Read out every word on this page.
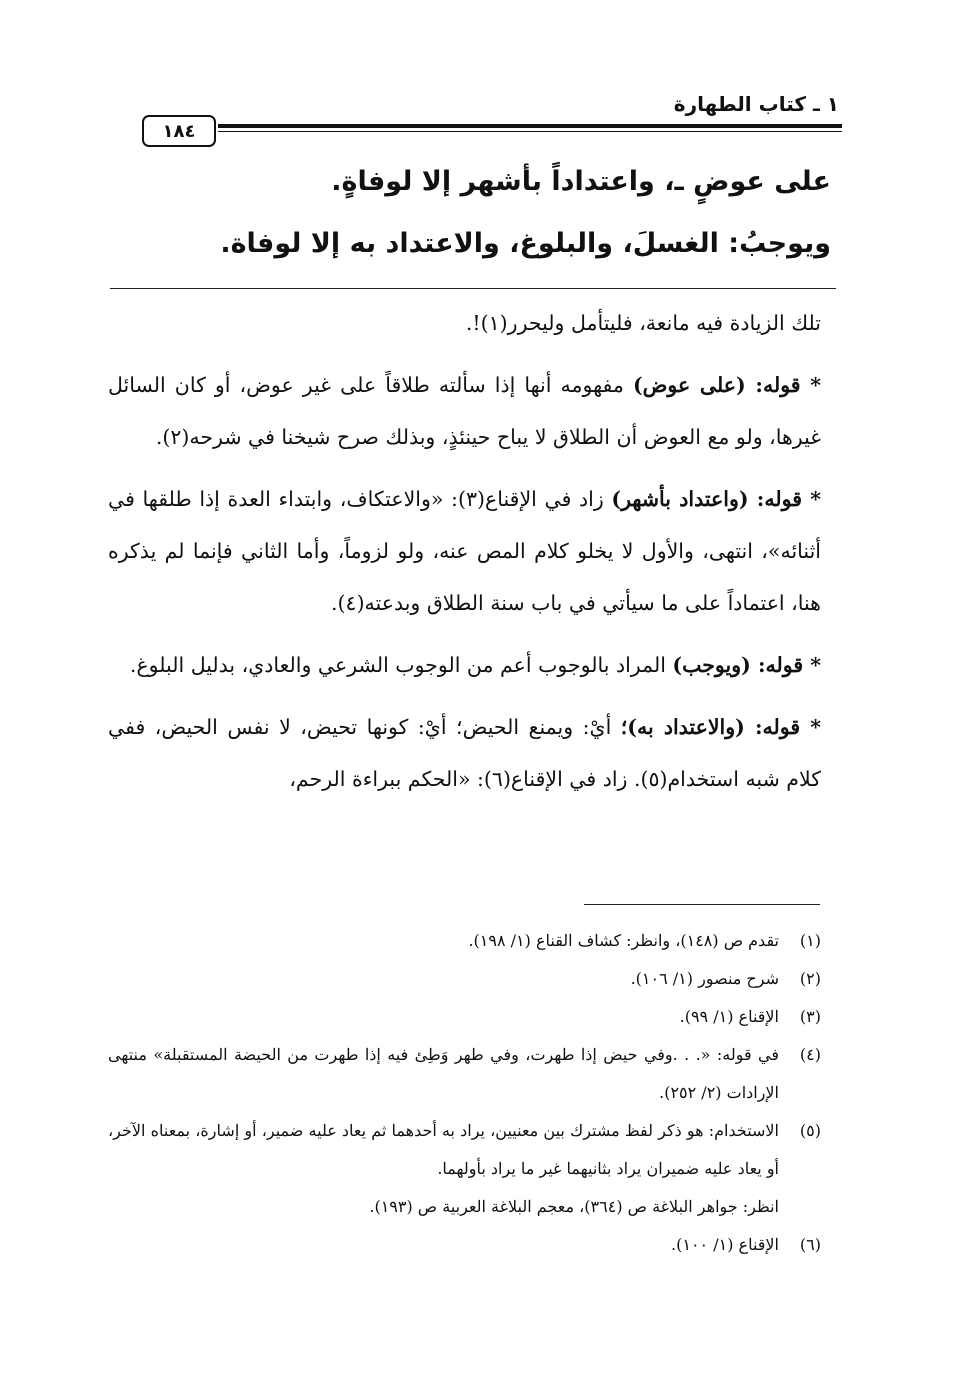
١ ـ كتاب الطهارة
١٨٤
على عوضٍ ـ، واعتداداً بأشهر إلا لوفاةٍ.
ويوجبُ: الغسلَ، والبلوغ، والاعتداد به إلا لوفاة.

تلك الزيادة فيه مانعة، فليتأمل وليحرر(١)!.

* قوله: (على عوض) مفهومه أنها إذا سألته طلاقاً على غير عوض، أو كان السائل غيرها، ولو مع العوض أن الطلاق لا يباح حينئذٍ، وبذلك صرح شيخنا في شرحه(٢).

* قوله: (واعتداد بأشهر) زاد في الإقناع(٣): «والاعتكاف، وابتداء العدة إذا طلقها في أثنائه»، انتهى، والأول لا يخلو كلام المص عنه، ولو لزوماً، وأما الثاني فإنما لم يذكره هنا، اعتماداً على ما سيأتي في باب سنة الطلاق وبدعته(٤).

* قوله: (ويوجب) المراد بالوجوب أعم من الوجوب الشرعي والعادي، بدليل البلوغ.

* قوله: (والاعتداد به)؛ أيْ: ويمنع الحيض؛ أيْ: كونها تحيض، لا نفس الحيض، ففي كلام شبه استخدام(٥). زاد في الإقناع(٦): «الحكم ببراءة الرحم،

(١)
تقدم ص (١٤٨)، وانظر: كشاف القناع (١/ ١٩٨).
(٢)
شرح منصور (١/ ١٠٦).
(٣)
الإقناع (١/ ٩٩).
(٤)
في قوله: «. . .وفي حيض إذا طهرت، وفي طهر وَطِئ فيه إذا طهرت من الحيضة المستقبلة» منتهى الإرادات (٢/ ٢٥٢).
(٥)
الاستخدام: هو ذكر لفظ مشترك بين معنيين، يراد به أحدهما ثم يعاد عليه ضمير، أو إشارة، بمعناه الآخر، أو يعاد عليه ضميران يراد بثانيهما غير ما يراد بأولهما.
انظر: جواهر البلاغة ص (٣٦٤)، معجم البلاغة العربية ص (١٩٣).
(٦)
الإقناع (١/ ١٠٠).
